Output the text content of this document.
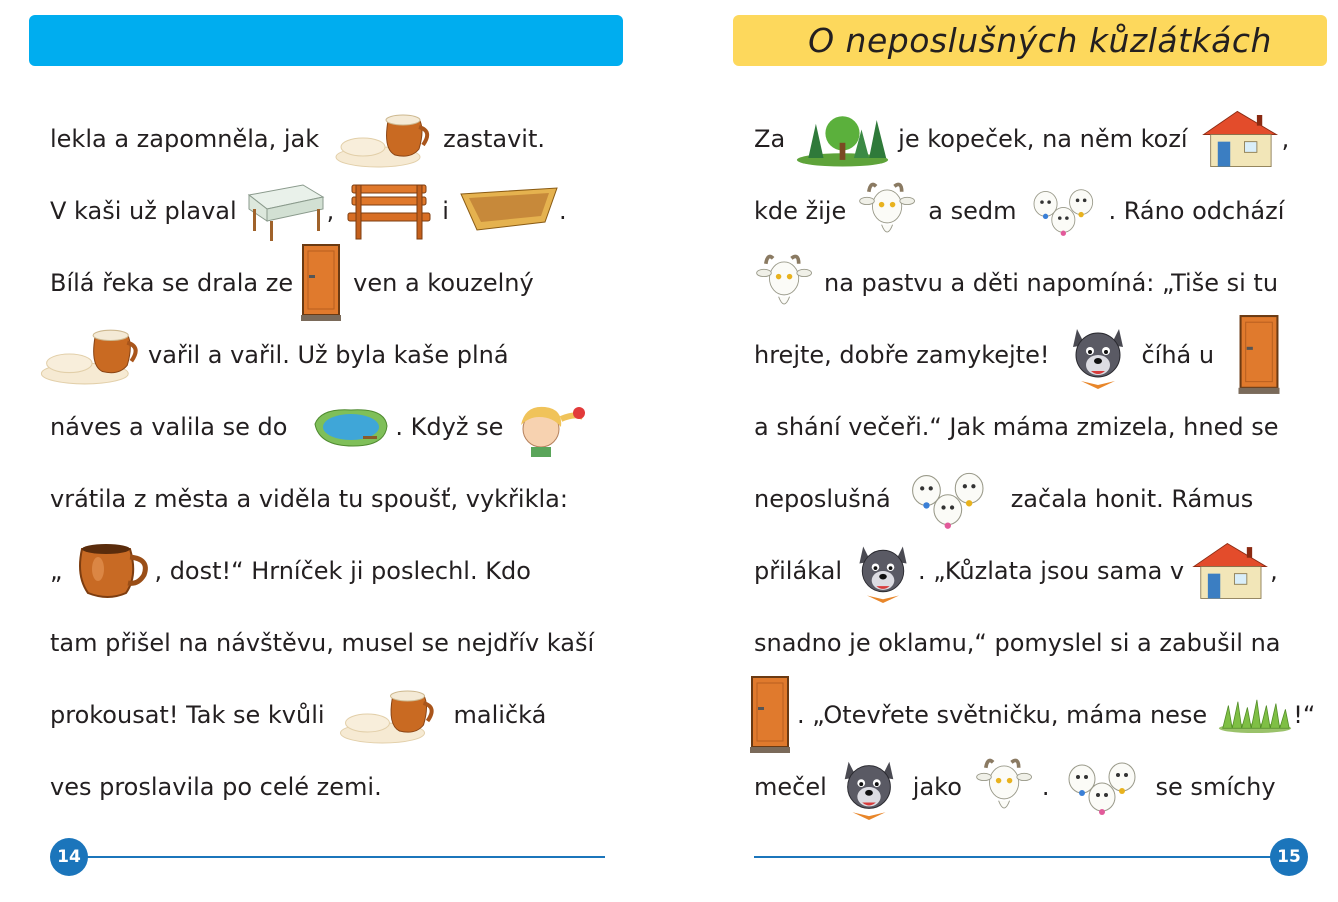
lekla a zapomněla, jak	zastavit.
V kaši už plaval	,	i	.
Bílá řeka se drala ze	ven a kouzelný
vařil a vařil. Už byla kaše plná
náves a valila se do	. Když se
vrátila z města a viděla tu spoušť, vykřikla:
„	, dost!“ Hrníček ji poslechl. Kdo
tam přišel na návštěvu, musel se nejdřív kaší
prokousat! Tak se kvůli	maličká
ves proslavila po celé zemi.
14
O neposlušných kůzlátkách
Za	je kopeček, na něm kozí	,
kde žije	a sedm	. Ráno odchází
na pastvu a děti napomíná: „Tiše si tu
hrejte, dobře zamykejte!	číhá u
a shání večeři.“ Jak máma zmizela, hned se
neposlušná	začala honit. Rámus
přilákal	. „Kůzlata jsou sama v	,
snadno je oklamu,“ pomyslel si a zabušil na
. „Otevřete světničku, máma nese	!“
mečel	jako	.	se smíchy
15
